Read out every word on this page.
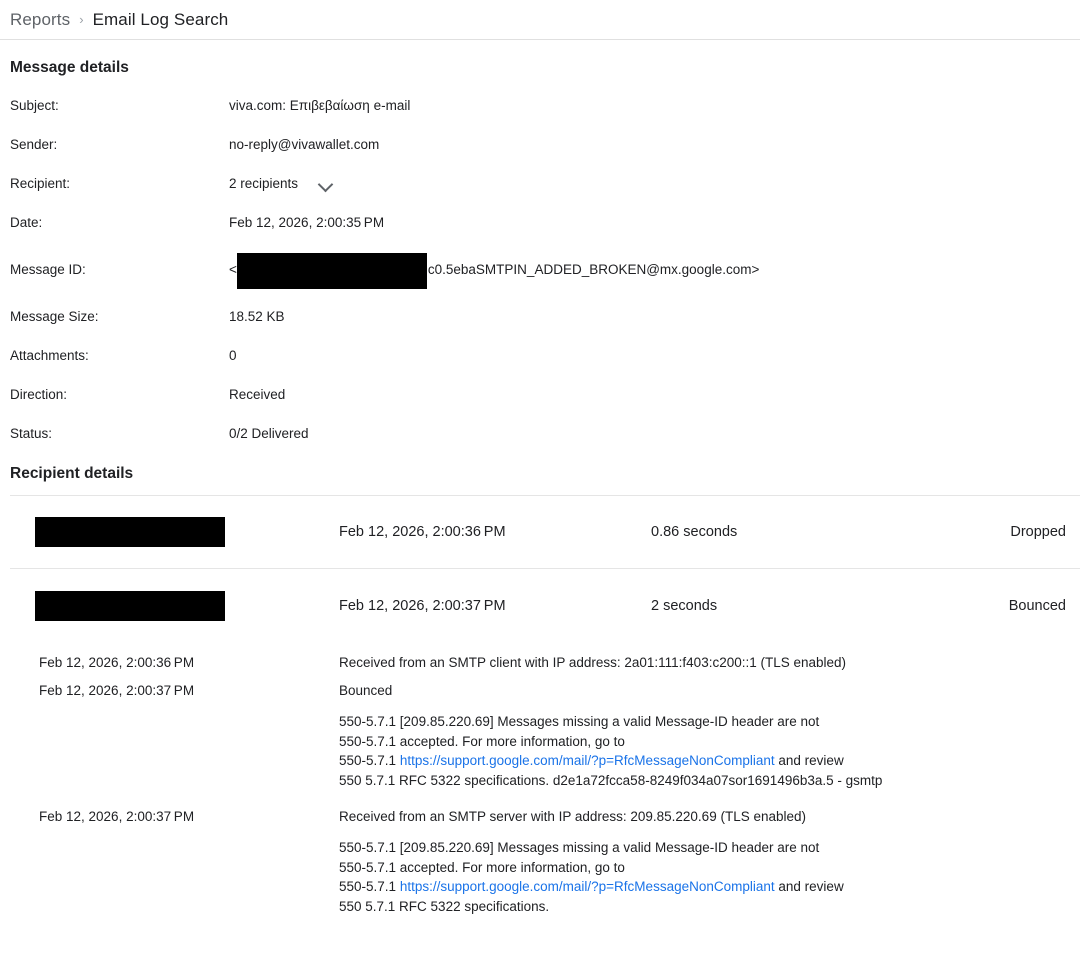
Reports › Email Log Search
Message details
Subject:	viva.com: Επιβεβαίωση e-mail
Sender:	no-reply@vivawallet.com
Recipient:	2 recipients

Date:	Feb 12, 2026, 2:00:35 PM
Message ID:	< c0.5ebaSMTPIN_ADDED_BROKEN@mx.google.com>
Message Size:	18.52 KB
Attachments:	0
Direction:	Received
Status:	0/2 Delivered
Recipient details
Feb 12, 2026, 2:00:36 PM	0.86 seconds	Dropped
Feb 12, 2026, 2:00:37 PM	2 seconds	Bounced
Feb 12, 2026, 2:00:36 PM	Received from an SMTP client with IP address: 2a01:111:f403:c200::1 (TLS enabled)
Feb 12, 2026, 2:00:37 PM	Bounced
550-5.7.1 [209.85.220.69] Messages missing a valid Message-ID header are not
550-5.7.1 accepted. For more information, go to
550-5.7.1 https://support.google.com/mail/?p=RfcMessageNonCompliant and review
550 5.7.1 RFC 5322 specifications. d2e1a72fcca58-8249f034a07sor1691496b3a.5 - gsmtp
Feb 12, 2026, 2:00:37 PM	Received from an SMTP server with IP address: 209.85.220.69 (TLS enabled)
550-5.7.1 [209.85.220.69] Messages missing a valid Message-ID header are not
550-5.7.1 accepted. For more information, go to
550-5.7.1 https://support.google.com/mail/?p=RfcMessageNonCompliant and review
550 5.7.1 RFC 5322 specifications.
